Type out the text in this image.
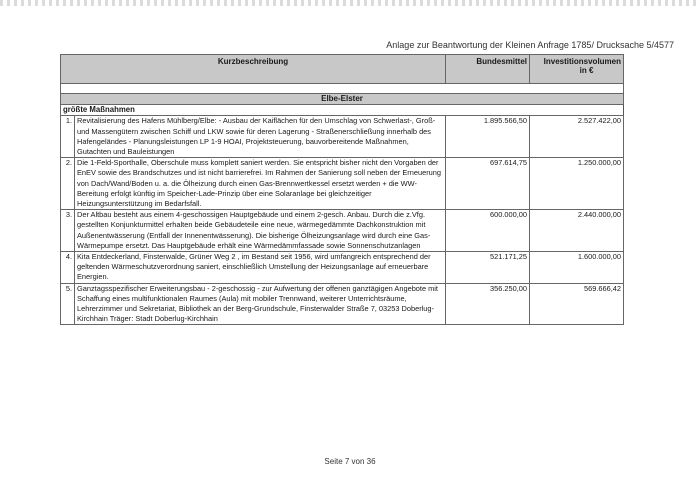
Anlage zur Beantwortung der Kleinen Anfrage 1785/ Drucksache 5/4577
Kurzbeschreibung		Bundesmittel	Investitionsvolumen
in €

Elbe-Elster			
größte Maßnahmen			
1.	Revitalisierung des Hafens Mühlberg/Elbe: - Ausbau der Kaiflächen für den Umschlag von Schwerlast-, Groß- und Massengütern zwischen Schiff und LKW sowie für deren Lagerung - Straßenerschließung innerhalb des Hafengeländes - Planungsleistungen LP 1-9 HOAI, Projektsteuerung, bauvorbereitende Maßnahmen, Gutachten und Bauleistungen	1.895.566,50	2.527.422,00
2.	Die 1-Feld-Sporthalle, Oberschule muss komplett saniert werden. Sie entspricht bisher nicht den Vorgaben der EnEV sowie des Brandschutzes und ist nicht barrierefrei. Im Rahmen der Sanierung soll neben der Erneuerung von Dach/Wand/Boden u. a. die Ölheizung durch einen Gas-Brennwertkessel ersetzt werden + die WW-Bereitung erfolgt künftig im Speicher-Lade-Prinzip über eine Solaranlage bei gleichzeitiger Heizungsunterstützung im Bedarfsfall.	697.614,75	1.250.000,00
3.	Der Altbau besteht aus einem 4-geschossigen Hauptgebäude und einem 2-gesch. Anbau. Durch die z.Vfg. gestellten Konjunkturmittel erhalten beide Gebäudeteile eine neue, wärmegedämmte Dachkonstruktion mit Außenentwässerung (Entfall der Innenentwässerung). Die bisherige Ölheizungsanlage wird durch eine Gas-Wärmepumpe ersetzt. Das Hauptgebäude erhält eine Wärmedämmfassade sowie Sonnenschutzanlagen	600.000,00	2.440.000,00
4.	Kita Entdeckerland, Finsterwalde, Grüner Weg 2 , im Bestand seit 1956, wird umfangreich entsprechend der geltenden Wärmeschutzverordnung saniert, einschließlich Umstellung der Heizungsanlage auf erneuerbare Energien.	521.171,25	1.600.000,00
5.	Ganztagsspezifischer Erweiterungsbau - 2-geschossig - zur Aufwertung der offenen ganztägigen Angebote mit Schaffung eines multifunktionalen Raumes (Aula) mit mobiler Trennwand, weiterer Unterrichtsräume, Lehrerzimmer und Sekretariat, Bibliothek an der Berg-Grundschule, Finsterwalder Straße 7, 03253 Doberlug-Kirchhain Träger: Stadt Doberlug-Kirchhain	356.250,00	569.666,42
Seite 7 von 36
